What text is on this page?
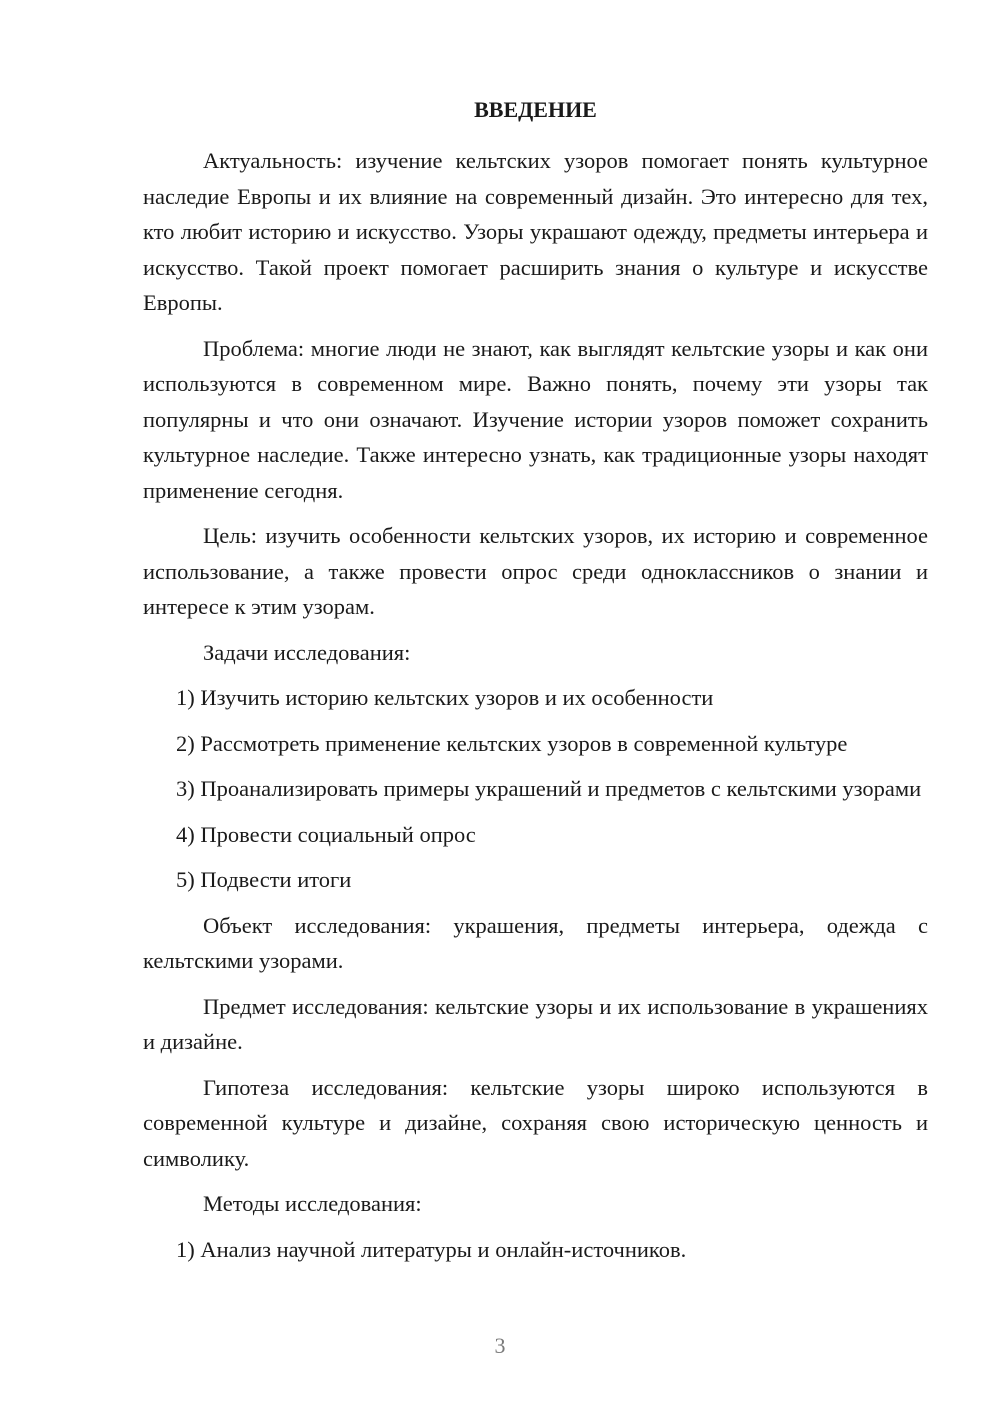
ВВЕДЕНИЕ

Актуальность: изучение кельтских узоров помогает понять культурное наследие Европы и их влияние на современный дизайн. Это интересно для тех, кто любит историю и искусство. Узоры украшают одежду, предметы интерьера и искусство. Такой проект помогает расширить знания о культуре и искусстве Европы.

Проблема: многие люди не знают, как выглядят кельтские узоры и как они используются в современном мире. Важно понять, почему эти узоры так популярны и что они означают. Изучение истории узоров поможет сохранить культурное наследие. Также интересно узнать, как традиционные узоры находят применение сегодня.

Цель: изучить особенности кельтских узоров, их историю и современное использование, а также провести опрос среди одноклассников о знании и интересе к этим узорам.

Задачи исследования:

1) Изучить историю кельтских узоров и их особенности

2) Рассмотреть применение кельтских узоров в современной культуре

3) Проанализировать примеры украшений и предметов с кельтскими узорами

4) Провести социальный опрос

5) Подвести итоги

Объект исследования: украшения, предметы интерьера, одежда с кельтскими узорами.

Предмет исследования: кельтские узоры и их использование в украшениях и дизайне.

Гипотеза исследования: кельтские узоры широко используются в современной культуре и дизайне, сохраняя свою историческую ценность и символику.

Методы исследования:

1) Анализ научной литературы и онлайн-источников.

3
